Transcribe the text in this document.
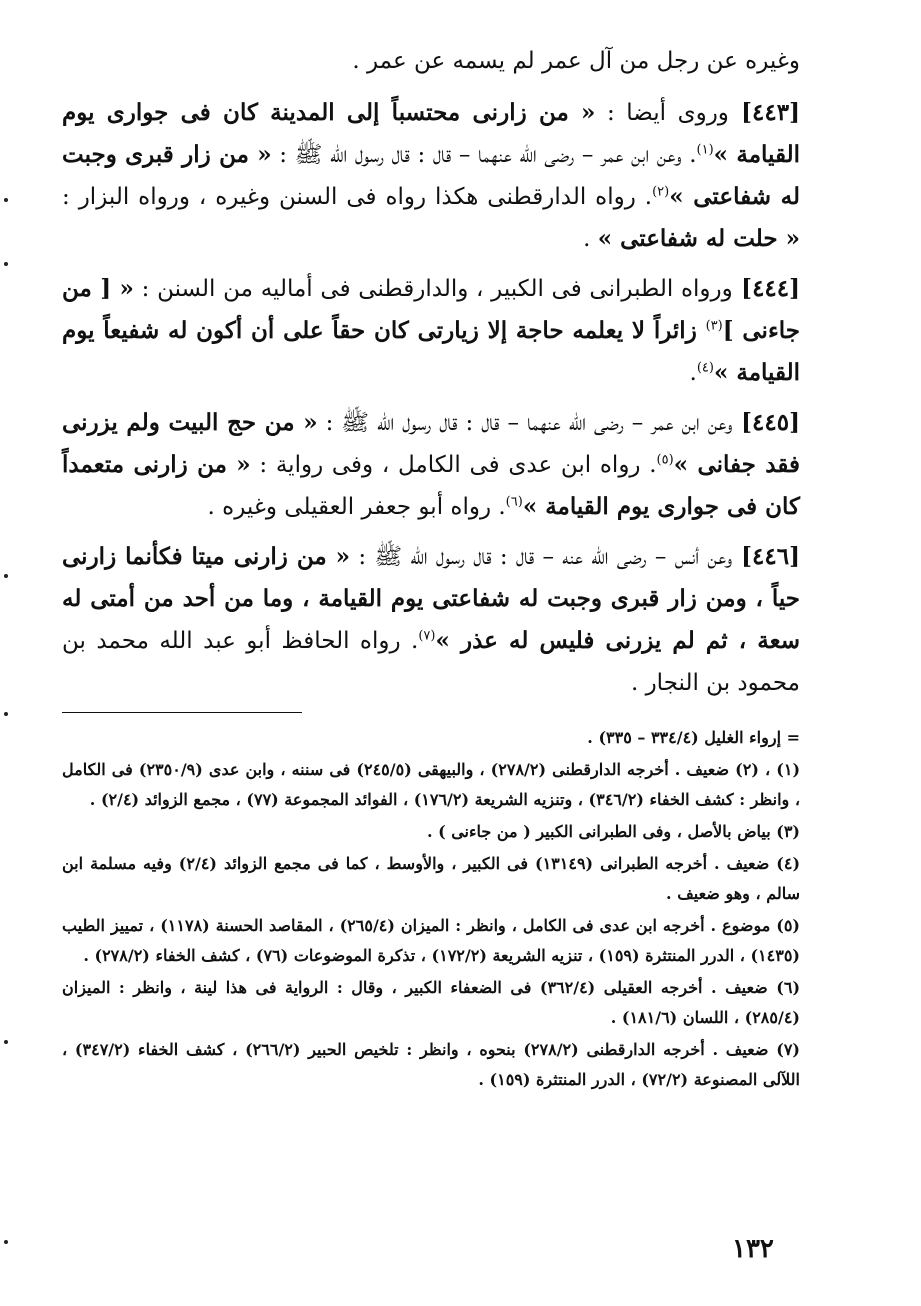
وغيره عن رجل من آل عمر لم يسمه عن عمر .

[٤٤٣] وروى أيضا : « من زارنى محتسباً إلى المدينة كان فى جوارى يوم القيامة »$^{(١)}$. وعن ابن عمر – رضى الله عنهما – قال : قال رسول الله ﷺ : « من زار قبرى وجبت له شفاعتى »$^{(٢)}$. رواه الدارقطنى هكذا رواه فى السنن وغيره ، ورواه البزار : « حلت له شفاعتى » .

[٤٤٤] ورواه الطبرانى فى الكبير ، والدارقطنى فى أماليه من السنن : « [ من جاءنى ]$^{(٣)}$ زائراً لا يعلمه حاجة إلا زيارتى كان حقاً على أن أكون له شفيعاً يوم القيامة »$^{(٤)}$.

[٤٤٥] وعن ابن عمر – رضى الله عنهما – قال : قال رسول الله ﷺ : « من حج البيت ولم يزرنى فقد جفانى »$^{(٥)}$. رواه ابن عدى فى الكامل ، وفى رواية : « من زارنى متعمداً كان فى جوارى يوم القيامة »$^{(٦)}$. رواه أبو جعفر العقيلى وغيره .

[٤٤٦] وعن أنس – رضى الله عنه – قال : قال رسول الله ﷺ : « من زارنى ميتا فكأنما زارنى حياً ، ومن زار قبرى وجبت له شفاعتى يوم القيامة ، وما من أحد من أمتى له سعة ، ثم لم يزرنى فليس له عذر »$^{(٧)}$. رواه الحافظ أبو عبد الله محمد بن محمود بن النجار .

= إرواء الغليل (٣٣٤/٤ – ٣٣٥) .

(١) ، (٢) ضعيف . أخرجه الدارقطنى (٢٧٨/٢) ، والبيهقى (٢٤٥/٥) فى سننه ، وابن عدى (٢٣٥٠/٩) فى الكامل ، وانظر : كشف الخفاء (٣٤٦/٢) ، وتنزيه الشريعة (١٧٦/٢) ، الفوائد المجموعة (٧٧) ، مجمع الزوائد (٢/٤) .

(٣) بياض بالأصل ، وفى الطبرانى الكبير ( من جاءنى ) .

(٤) ضعيف . أخرجه الطبرانى (١٣١٤٩) فى الكبير ، والأوسط ، كما فى مجمع الزوائد (٢/٤) وفيه مسلمة ابن سالم ، وهو ضعيف .

(٥) موضوع . أخرجه ابن عدى فى الكامل ، وانظر : الميزان (٢٦٥/٤) ، المقاصد الحسنة (١١٧٨) ، تمييز الطيب (١٤٣٥) ، الدرر المنتثرة (١٥٩) ، تنزيه الشريعة (١٧٢/٢) ، تذكرة الموضوعات (٧٦) ، كشف الخفاء (٢٧٨/٢) .

(٦) ضعيف . أخرجه العقيلى (٣٦٢/٤) فى الضعفاء الكبير ، وقال : الرواية فى هذا لينة ، وانظر : الميزان (٢٨٥/٤) ، اللسان (١٨١/٦) .

(٧) ضعيف . أخرجه الدارقطنى (٢٧٨/٢) بنحوه ، وانظر : تلخيص الحبير (٢٦٦/٢) ، كشف الخفاء (٣٤٧/٢) ، اللآلى المصنوعة (٧٢/٢) ، الدرر المنتثرة (١٥٩) .

١٣٢
